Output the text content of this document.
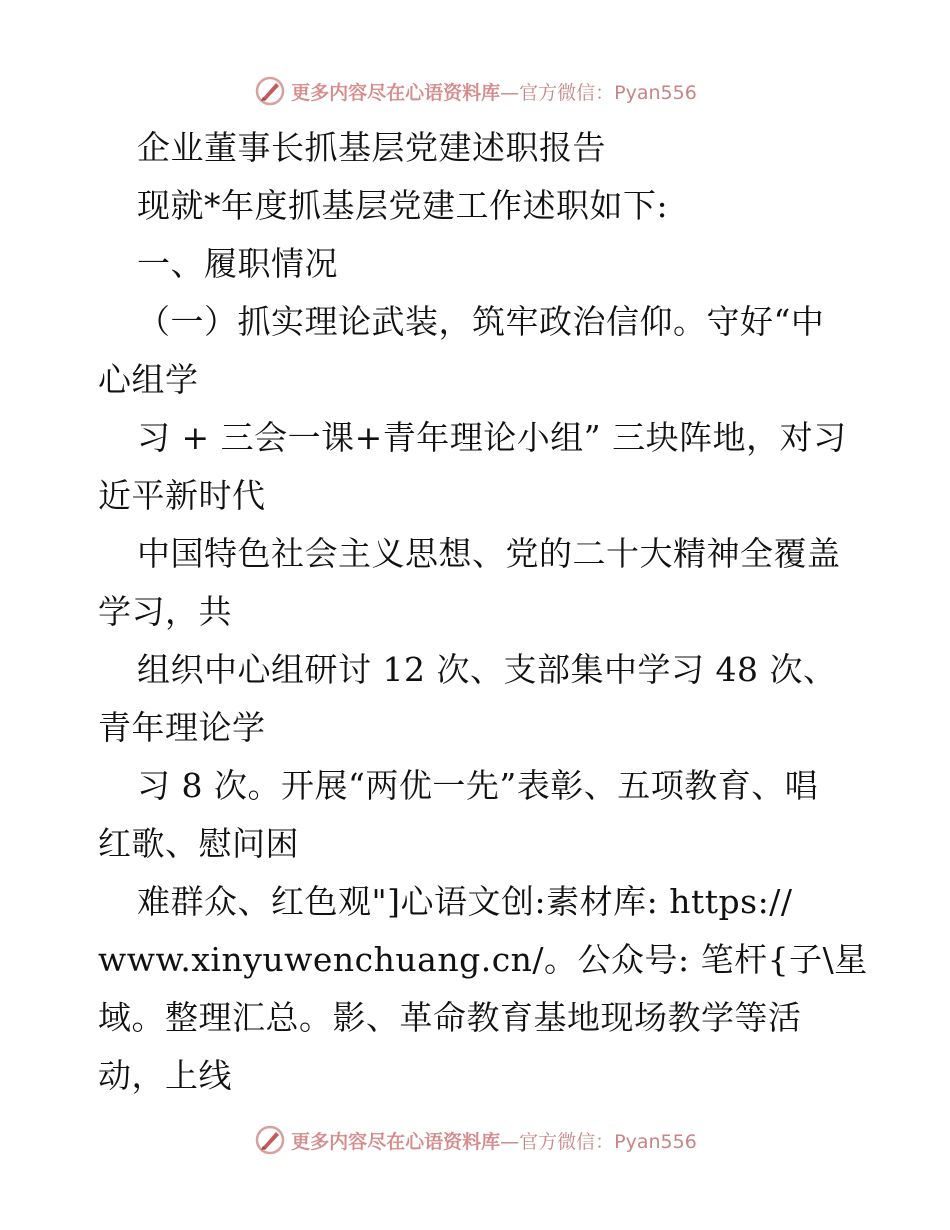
更多内容尽在心语资料库—官方微信：Pyan556
企业董事长抓基层党建述职报告
现就*年度抓基层党建工作述职如下:
一、履职情况
（一）抓实理论武装，筑牢政治信仰。守好“中
心组学
习 + 三会一课+青年理论小组” 三块阵地，对习
近平新时代
中国特色社会主义思想、党的二十大精神全覆盖
学习，共
组织中心组研讨 12 次、支部集中学习 48 次、
青年理论学
习 8 次。开展“两优一先”表彰、五项教育、唱
红歌、慰问困
难群众、红色观"]心语文创:素材库: https://
www.xinyuwenchuang.cn/。公众号: 笔杆{子\星
域。整理汇总。影、革命教育基地现场教学等活
动，上线
更多内容尽在心语资料库—官方微信：Pyan556
